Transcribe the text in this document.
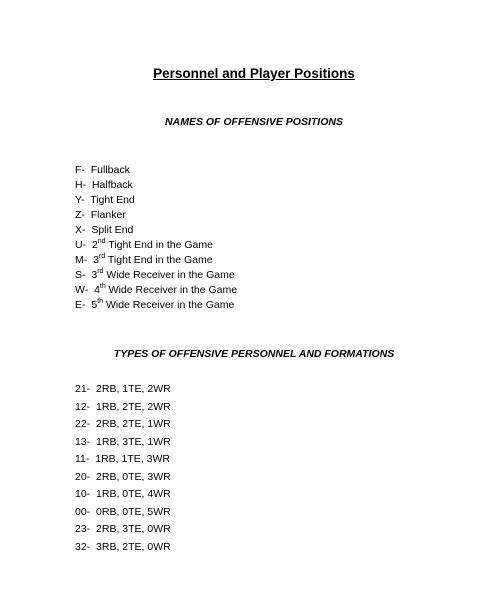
Personnel and Player Positions
NAMES OF OFFENSIVE POSITIONS
F- Fullback
H- Halfback
Y- Tight End
Z- Flanker
X- Split End
U- 2nd Tight End in the Game
M- 3rd Tight End in the Game
S- 3rd Wide Receiver in the Game
W- 4th Wide Receiver in the Game
E- 5th Wide Receiver in the Game
TYPES OF OFFENSIVE PERSONNEL AND FORMATIONS
21- 2RB, 1TE, 2WR
12- 1RB, 2TE, 2WR
22- 2RB, 2TE, 1WR
13- 1RB, 3TE, 1WR
11- 1RB, 1TE, 3WR
20- 2RB, 0TE, 3WR
10- 1RB, 0TE, 4WR
00- 0RB, 0TE, 5WR
23- 2RB, 3TE, 0WR
32- 3RB, 2TE, 0WR
